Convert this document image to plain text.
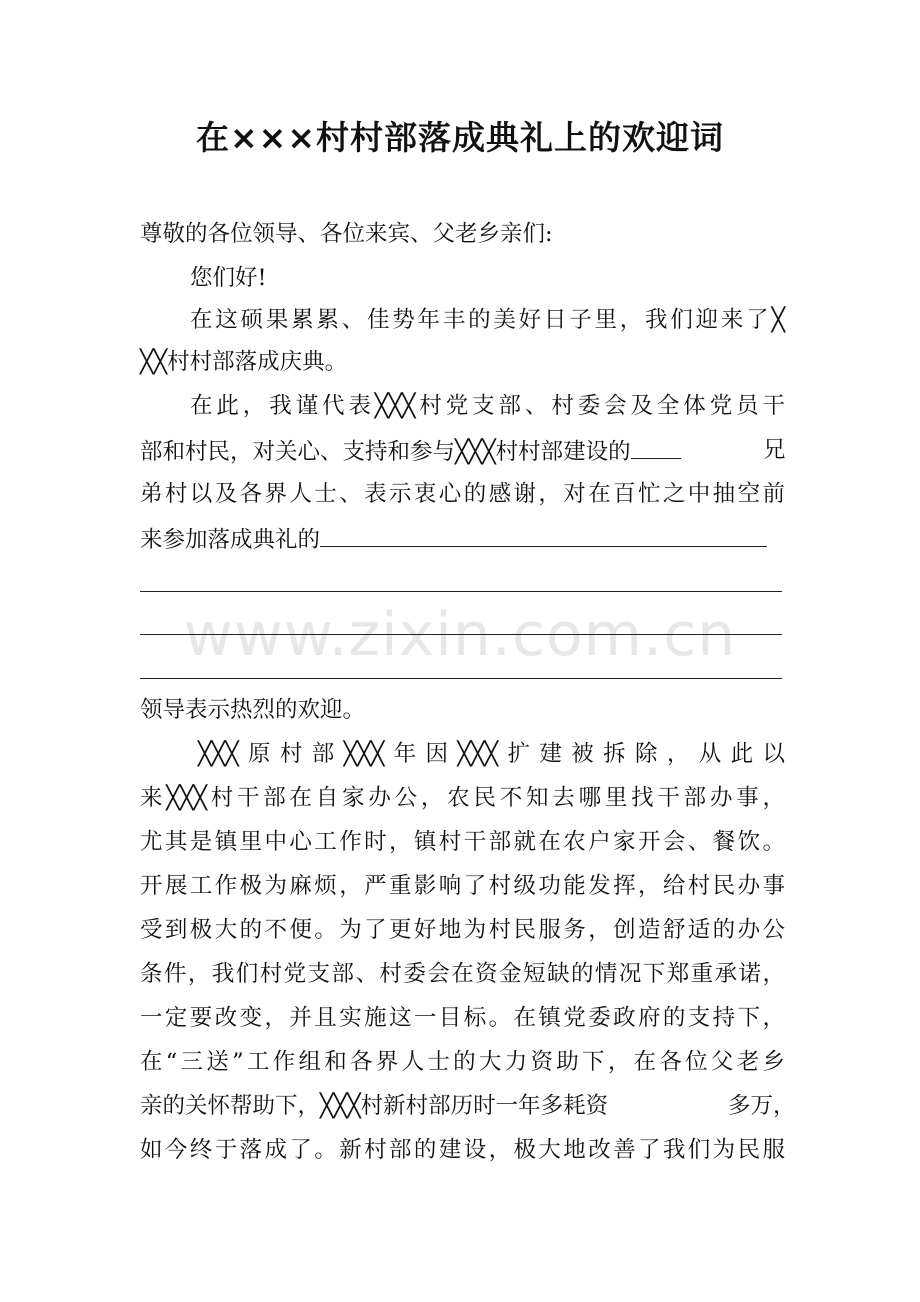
www.zixin.com.cn
在×××村村部落成典礼上的欢迎词
尊敬的各位领导、各位来宾、父老乡亲们:
您们好!
在这硕果累累、佳势年丰的美好日子里，我们迎来了╳
╳╳村村部落成庆典。
在此，我谨代表╳╳╳村党支部、村委会及全体党员干
部和村民，对关心、支持和参与╳╳╳村村部建设的	兄
弟村以及各界人士、表示衷心的感谢，对在百忙之中抽空前
来参加落成典礼的
领导表示热烈的欢迎。
╳╳╳原村部╳╳╳年因╳╳╳扩建被拆除，从此以
来╳╳╳村干部在自家办公，农民不知去哪里找干部办事，
尤其是镇里中心工作时，镇村干部就在农户家开会、餐饮。
开展工作极为麻烦，严重影响了村级功能发挥，给村民办事
受到极大的不便。为了更好地为村民服务，创造舒适的办公
条件，我们村党支部、村委会在资金短缺的情况下郑重承诺，
一定要改变，并且实施这一目标。在镇党委政府的支持下，
在“三送”工作组和各界人士的大力资助下，在各位父老乡
亲的关怀帮助下，╳╳╳村新村部历时一年多耗资	多万，
如今终于落成了。新村部的建设，极大地改善了我们为民服
